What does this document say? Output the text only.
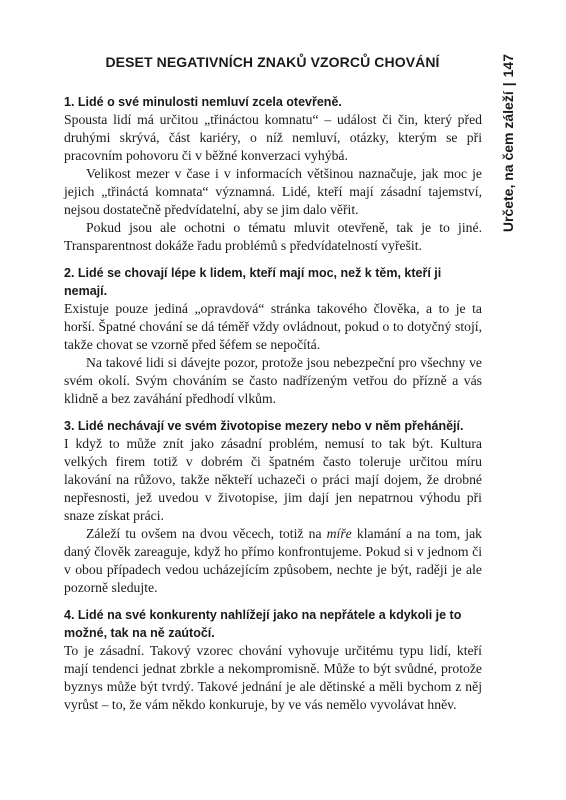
DESET NEGATIVNÍCH ZNAKŮ VZORCŮ CHOVÁNÍ
Určete, na čem záleží|147

1. Lidé o své minulosti nemluví zcela otevřeně.

Spousta lidí má určitou „třináctou komnatu“ – událost či čin, který před druhými skrývá, část kariéry, o níž nemluví, otázky, kterým se při pracovním pohovoru či v běžné konverzaci vyhýbá.

Velikost mezer v čase i v informacích většinou naznačuje, jak moc je jejich „třináctá komnata“ významná. Lidé, kteří mají zásadní tajemství, nejsou dostatečně předvídatelní, aby se jim dalo věřit.

Pokud jsou ale ochotni o tématu mluvit otevřeně, tak je to jiné. Transparentnost dokáže řadu problémů s předvídatelností vyřešit.

2. Lidé se chovají lépe k lidem, kteří mají moc, než k těm, kteří ji nemají.

Existuje pouze jediná „opravdová“ stránka takového člověka, a to je ta horší. Špatné chování se dá téměř vždy ovládnout, pokud o to dotyčný stojí, takže chovat se vzorně před šéfem se nepočítá.

Na takové lidi si dávejte pozor, protože jsou nebezpeční pro všechny ve svém okolí. Svým chováním se často nadřízeným vetřou do přízně a vás klidně a bez zaváhání předhodí vlkům.

3. Lidé nechávají ve svém životopise mezery nebo v něm přehánějí.

I když to může znít jako zásadní problém, nemusí to tak být. Kultura velkých firem totiž v dobrém či špatném často toleruje určitou míru lakování na růžovo, takže někteří uchazeči o práci mají dojem, že drobné nepřesnosti, jež uvedou v životopise, jim dají jen nepatrnou výhodu při snaze získat práci.

Záleží tu ovšem na dvou věcech, totiž na míře klamání a na tom, jak daný člověk zareaguje, když ho přímo konfrontujeme. Pokud si v jednom či v obou případech vedou ucházejícím způsobem, nechte je být, raději je ale pozorně sledujte.

4. Lidé na své konkurenty nahlížejí jako na nepřátele a kdykoli je to možné, tak na ně zaútočí.

To je zásadní. Takový vzorec chování vyhovuje určitému typu lidí, kteří mají tendenci jednat zbrkle a nekompromisně. Může to být svůdné, protože byznys může být tvrdý. Takové jednání je ale dětinské a měli bychom z něj vyrůst – to, že vám někdo konkuruje, by ve vás nemělo vyvolávat hněv.
